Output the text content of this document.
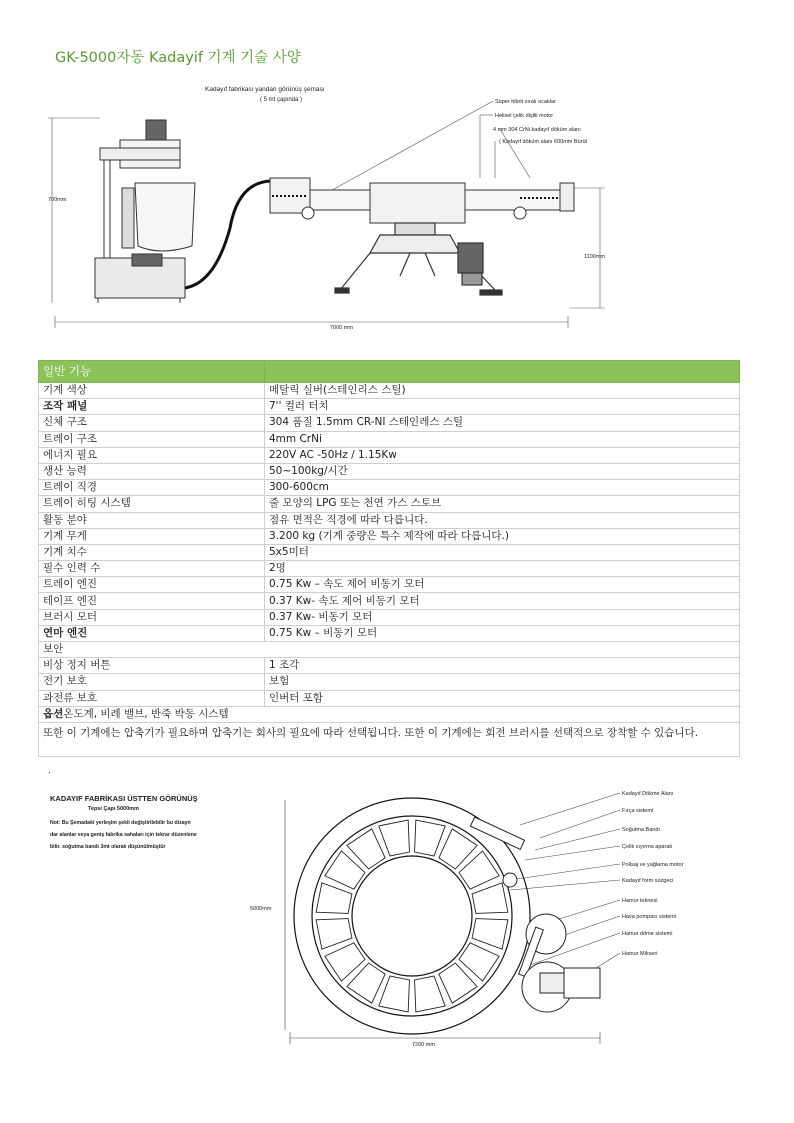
GK-5000자동 Kadayif 기계 기술 사양
Kadayıf fabrikası yandan görünüş şeması
( 5 mt çapında )	Süper hibrit sıralı ocaklar
Helisel çelik dişlili motor
4 mm 304 CrNi kadayıf döküm alanı
( Kadayıf döküm alanı 600mm Bürüt
700mm
1100mm
7000 mm
일반 기능	
기계 색상	메탈릭 실버(스테인리스 스틸)
조작 패널	7'' 컬러 터치
신체 구조	304 품질 1.5mm CR-NI 스테인레스 스틸
트레이 구조	4mm CrNi
에너지 필요	220V AC -50Hz / 1.15Kw
생산 능력	50~100kg/시간
트레이 직경	300-600cm
트레이 히팅 시스템	줄 모양의 LPG 또는 천연 가스 스토브
활동 분야	점유 면적은 직경에 따라 다릅니다.
기계 무게	3.200 kg (기계 중량은 특수 제작에 따라 다릅니다.)
기계 치수	5x5미터
필수 인력 수	2명
트레이 엔진	0.75 Kw – 속도 제어 비동기 모터
테이프 엔진	0.37 Kw- 속도 제어 비동기 모터
브러시 모터	0.37 Kw- 비동기 모터
연마 엔진	0.75 Kw – 비동기 모터
보안	
비상 정지 버튼	1 조각
전기 보호	보험
과전류 보호	인버터 포함
옵션온도계, 비례 밸브, 반죽 박동 시스템	
또한 이 기계에는 압축기가 필요하며 압축기는 회사의 필요에 따라 선택됩니다. 또한 이 기계에는 회전 브러시를 선택적으로 장착할 수 있습니다.	
.
KADAYIF FABRİKASI ÜSTTEN GÖRÜNÜŞ
Tepsi Çapı 5000mm
Not: Bu Şemadaki yerleşim şekli değiştirilebilir bu dizayn
dar alanlar veya geniş fabrika sahaları için tekrar düzenlene
bilir. soğutma bandı 3mt olarak düşünülmüştür
5000mm
7200 mm
Kadayıf Dökme Alanı
Fırça sistemi
Soğutma Bandı
Çelik sıyırma aparatı
Polisaj ve yağlama motor
Kadayıf form süzgeci
Hamur teknesi
Hava pompası sistemi
Hamur döme sistemi
Hamur Mikseri
